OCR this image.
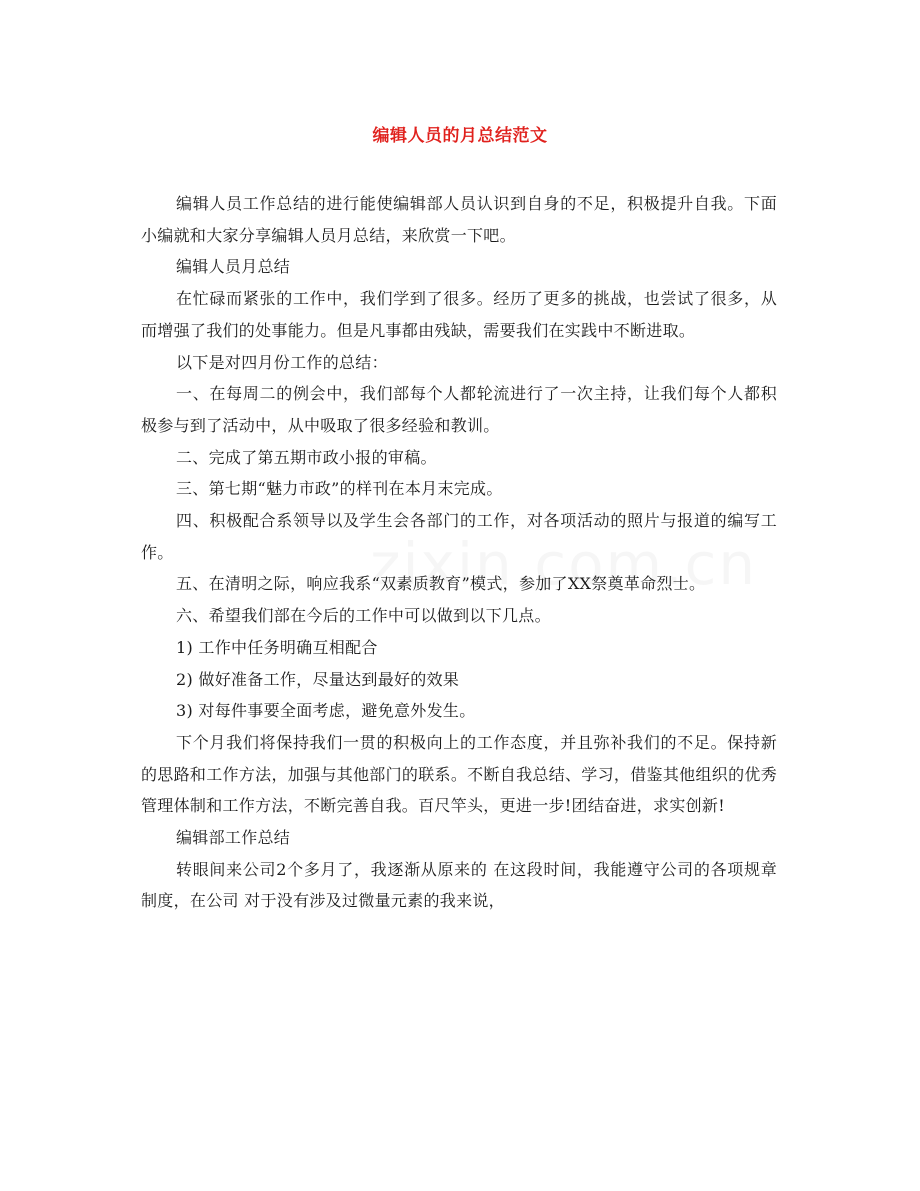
编辑人员的月总结范文

编辑人员工作总结的进行能使编辑部人员认识到自身的不足，积极提升自我。下面小编就和大家分享编辑人员月总结，来欣赏一下吧。

编辑人员月总结

在忙碌而紧张的工作中，我们学到了很多。经历了更多的挑战，也尝试了很多，从而增强了我们的处事能力。但是凡事都由残缺，需要我们在实践中不断进取。

以下是对四月份工作的总结：

一、在每周二的例会中，我们部每个人都轮流进行了一次主持，让我们每个人都积极参与到了活动中，从中吸取了很多经验和教训。

二、完成了第五期市政小报的审稿。

三、第七期“魅力市政”的样刊在本月末完成。

四、积极配合系领导以及学生会各部门的工作，对各项活动的照片与报道的编写工作。

五、在清明之际，响应我系“双素质教育”模式，参加了XX祭奠革命烈士。

六、希望我们部在今后的工作中可以做到以下几点。

1) 工作中任务明确互相配合

2) 做好准备工作，尽量达到最好的效果

3) 对每件事要全面考虑，避免意外发生。

下个月我们将保持我们一贯的积极向上的工作态度，并且弥补我们的不足。保持新的思路和工作方法，加强与其他部门的联系。不断自我总结、学习，借鉴其他组织的优秀管理体制和工作方法，不断完善自我。百尺竿头，更进一步!团结奋进，求实创新!

编辑部工作总结

转眼间来公司2个多月了，我逐渐从原来的 在这段时间，我能遵守公司的各项规章制度，在公司 对于没有涉及过微量元素的我来说，
